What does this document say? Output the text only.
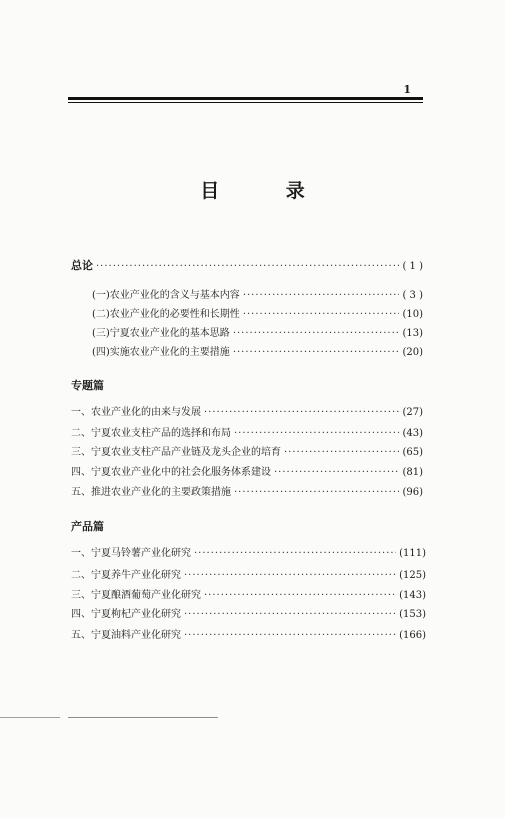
1
目 录
总论 ·····	( 1 )
(一)农业产业化的含义与基本内容 ·····	( 3 )
(二)农业产业化的必要性和长期性 ·····	(10)
(三)宁夏农业产业化的基本思路 ·····	(13)
(四)实施农业产业化的主要措施 ·····	(20)
专题篇
一、农业产业化的由来与发展 ·····	(27)
二、宁夏农业支柱产品的选择和布局 ·····	(43)
三、宁夏农业支柱产品产业链及龙头企业的培育 ·····	(65)
四、宁夏农业产业化中的社会化服务体系建设 ·····	(81)
五、推进农业产业化的主要政策措施 ·····	(96)
产品篇
一、宁夏马铃薯产业化研究 ·····	(111)
二、宁夏养牛产业化研究 ·····	(125)
三、宁夏酿酒葡萄产业化研究 ·····	(143)
四、宁夏枸杞产业化研究 ·····	(153)
五、宁夏油料产业化研究 ·····	(166)
